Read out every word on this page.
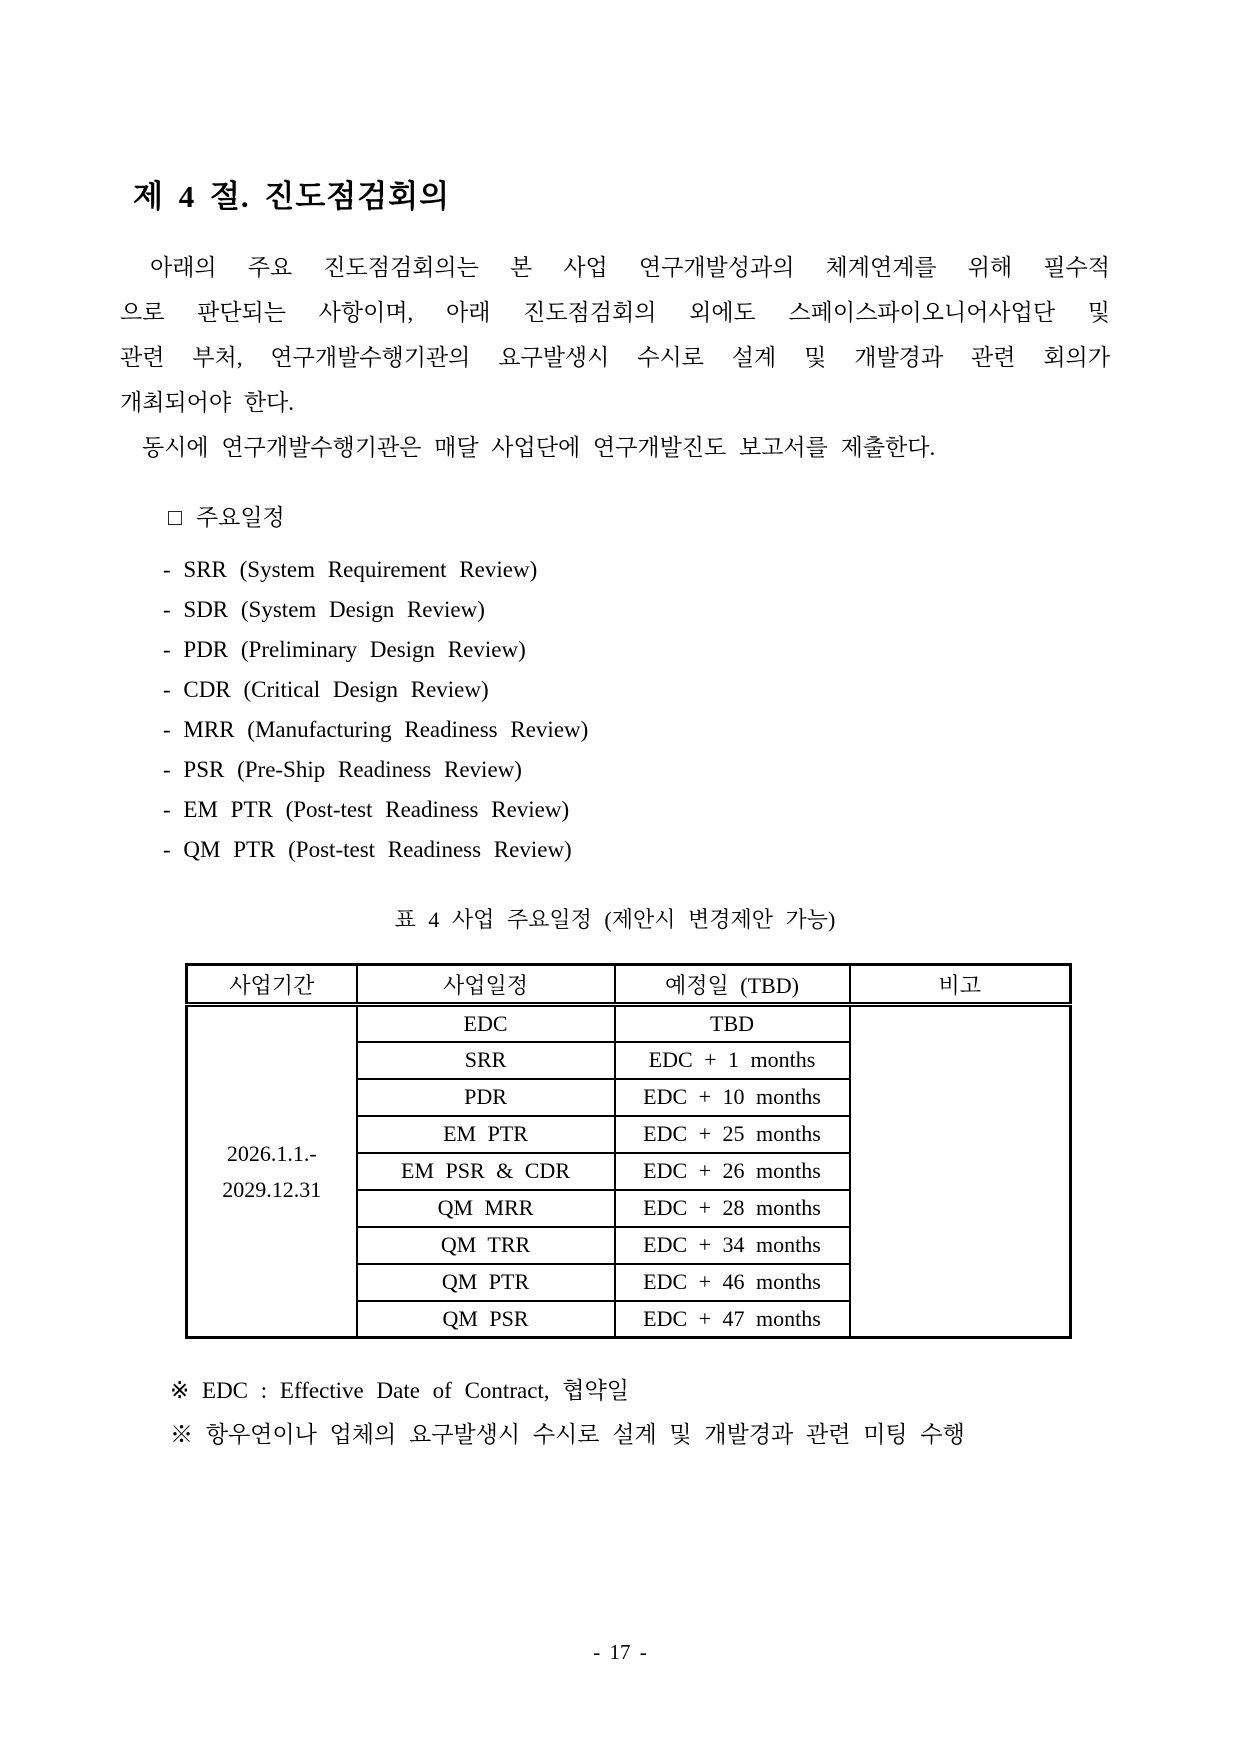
제 4 절. 진도점검회의
아래의 주요 진도점검회의는 본 사업 연구개발성과의 체계연계를 위해 필수적
으로 판단되는 사항이며, 아래 진도점검회의 외에도 스페이스파이오니어사업단 및
관련 부처, 연구개발수행기관의 요구발생시 수시로 설계 및 개발경과 관련 회의가
개최되어야 한다.
동시에 연구개발수행기관은 매달 사업단에 연구개발진도 보고서를 제출한다.
□ 주요일정
- SRR (System Requirement Review)
- SDR (System Design Review)
- PDR (Preliminary Design Review)
- CDR (Critical Design Review)
- MRR (Manufacturing Readiness Review)
- PSR (Pre-Ship Readiness Review)
- EM PTR (Post-test Readiness Review)
- QM PTR (Post-test Readiness Review)
표 4 사업 주요일정 (제안시 변경제안 가능)
사업기간	사업일정	예정일 (TBD)	비고

2026.1.1.-
2029.12.31	EDC	TBD	
	SRR	EDC + 1 months	
	PDR	EDC + 10 months	
	EM PTR	EDC + 25 months	
	EM PSR & CDR	EDC + 26 months	
	QM MRR	EDC + 28 months	
	QM TRR	EDC + 34 months	
	QM PTR	EDC + 46 months	
	QM PSR	EDC + 47 months	
※ EDC : Effective Date of Contract, 협약일
※ 항우연이나 업체의 요구발생시 수시로 설계 및 개발경과 관련 미팅 수행
- 17 -
